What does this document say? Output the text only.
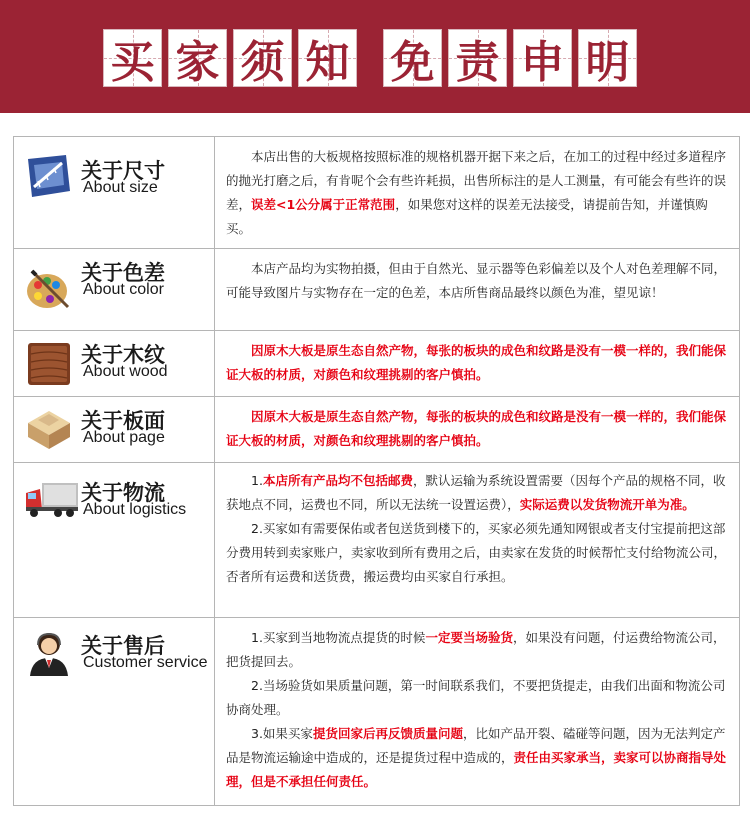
买 家 须 知 免 责 申 明
关于尺寸
About size

本店出售的大板规格按照标准的规格机器开据下来之后，在加工的过程中经过多道程序的抛光打磨之后，有肯呢个会有些许耗损，出售所标注的是人工测量，有可能会有些许的误差，误差<1公分属于正常范围，如果您对这样的误差无法接受，请提前告知，并谨慎购买。

关于色差
About color

本店产品均为实物拍摄，但由于自然光、显示器等色彩偏差以及个人对色差理解不同，可能导致图片与实物存在一定的色差，本店所售商品最终以颜色为准，望见谅！

关于木纹
About wood

因原木大板是原生态自然产物，每张的板块的成色和纹路是没有一模一样的，我们能保证大板的材质，对颜色和纹理挑剔的客户慎拍。

关于板面
About page

因原木大板是原生态自然产物，每张的板块的成色和纹路是没有一模一样的，我们能保证大板的材质，对颜色和纹理挑剔的客户慎拍。

关于物流
About logistics

1.本店所有产品均不包括邮费，默认运输为系统设置需要（因每个产品的规格不同，收获地点不同，运费也不同，所以无法统一设置运费），实际运费以发货物流开单为准。

2.买家如有需要保佑或者包送货到楼下的，买家必须先通知网银或者支付宝提前把这部分费用转到卖家账户，卖家收到所有费用之后，由卖家在发货的时候帮忙支付给物流公司，否者所有运费和送货费，搬运费均由买家自行承担。

关于售后
Customer service

1.买家到当地物流点提货的时候一定要当场验货，如果没有问题，付运费给物流公司，把货提回去。

2.当场验货如果质量问题，第一时间联系我们，不要把货提走，由我们出面和物流公司协商处理。

3.如果买家提货回家后再反馈质量问题，比如产品开裂、磕碰等问题，因为无法判定产品是物流运输途中造成的，还是提货过程中造成的，责任由买家承当，卖家可以协商指导处理，但是不承担任何责任。
